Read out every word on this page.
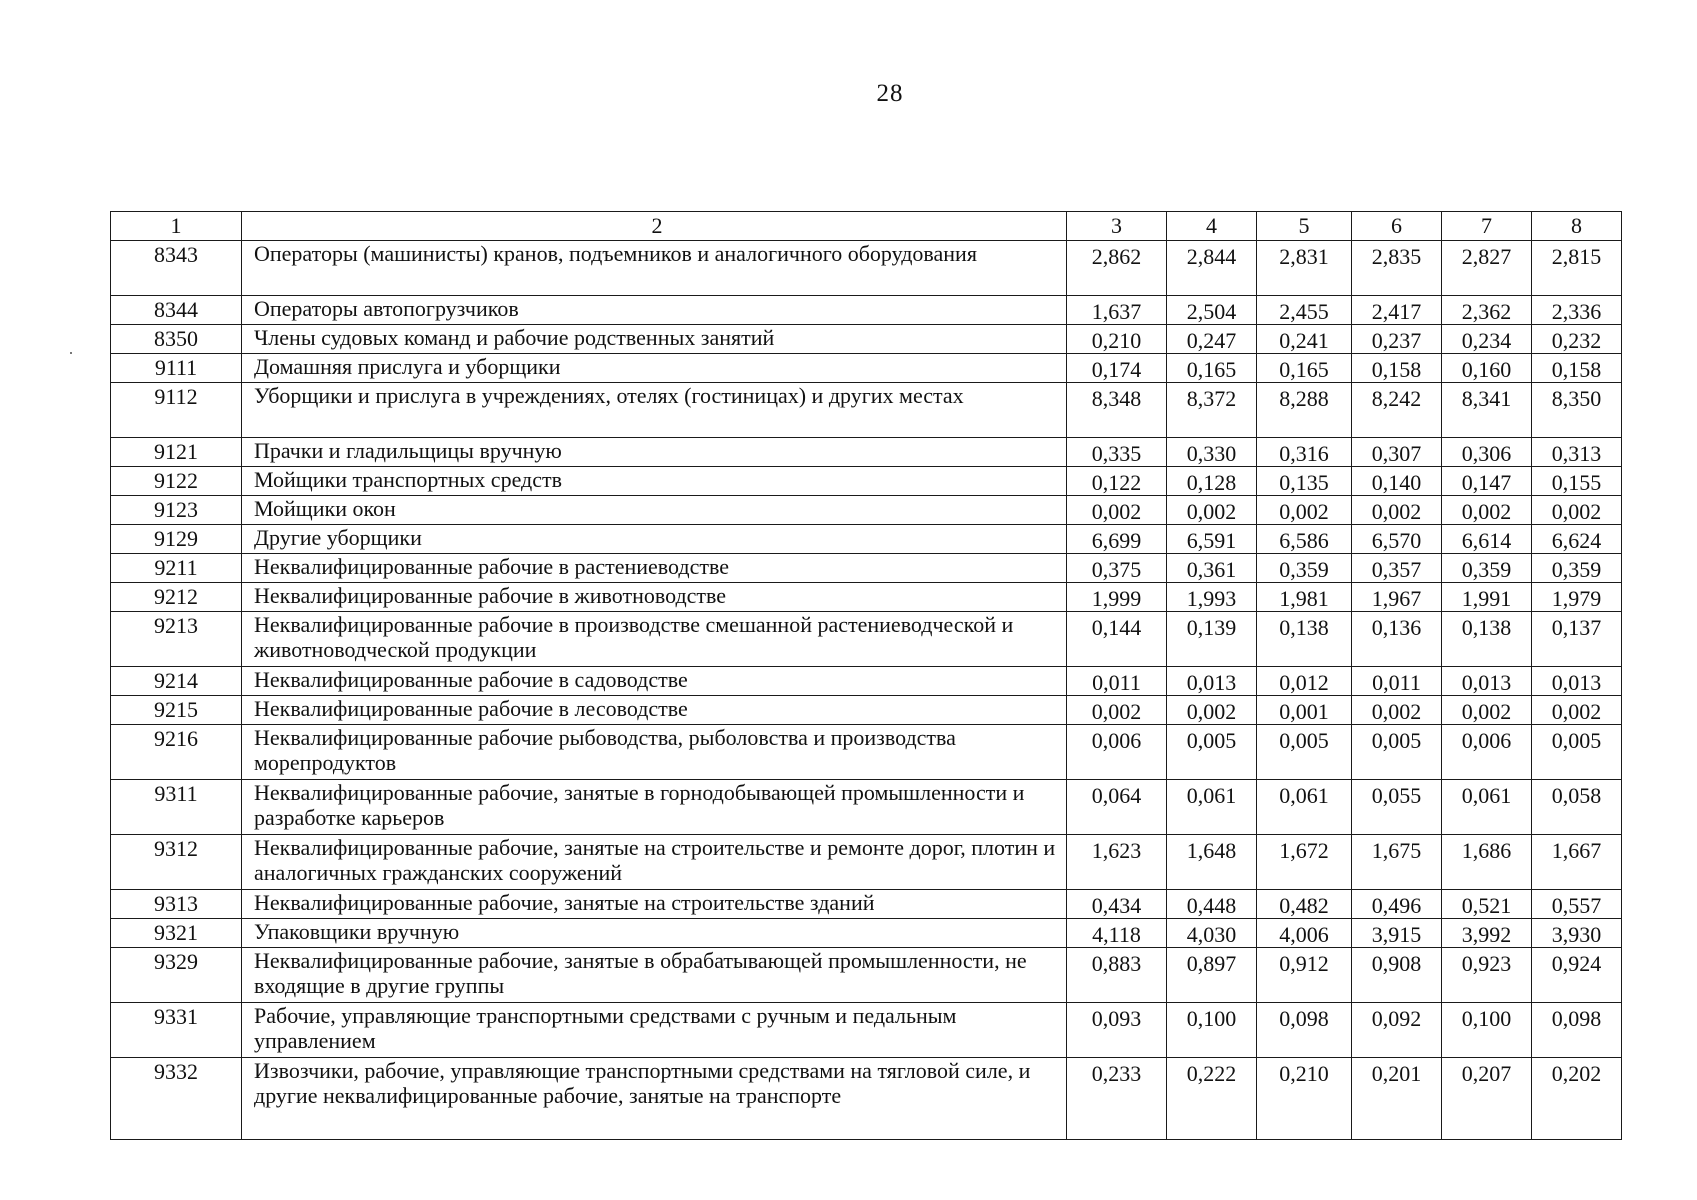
28
1	2	3	4	5	6	7	8
8343	Операторы (машинисты) кранов, подъемников и аналогичного оборудования	2,862	2,844	2,831	2,835	2,827	2,815
8344	Операторы автопогрузчиков	1,637	2,504	2,455	2,417	2,362	2,336
8350	Члены судовых команд и рабочие родственных занятий	0,210	0,247	0,241	0,237	0,234	0,232
9111	Домашняя прислуга и уборщики	0,174	0,165	0,165	0,158	0,160	0,158
9112	Уборщики и прислуга в учреждениях, отелях (гостиницах) и других местах	8,348	8,372	8,288	8,242	8,341	8,350
9121	Прачки и гладильщицы вручную	0,335	0,330	0,316	0,307	0,306	0,313
9122	Мойщики транспортных средств	0,122	0,128	0,135	0,140	0,147	0,155
9123	Мойщики окон	0,002	0,002	0,002	0,002	0,002	0,002
9129	Другие уборщики	6,699	6,591	6,586	6,570	6,614	6,624
9211	Неквалифицированные рабочие в растениеводстве	0,375	0,361	0,359	0,357	0,359	0,359
9212	Неквалифицированные рабочие в животноводстве	1,999	1,993	1,981	1,967	1,991	1,979
9213	Неквалифицированные рабочие в производстве смешанной растениеводческой и животноводческой продукции	0,144	0,139	0,138	0,136	0,138	0,137
9214	Неквалифицированные рабочие в садоводстве	0,011	0,013	0,012	0,011	0,013	0,013
9215	Неквалифицированные рабочие в лесоводстве	0,002	0,002	0,001	0,002	0,002	0,002
9216	Неквалифицированные рабочие рыбоводства, рыболовства и производства морепродуктов	0,006	0,005	0,005	0,005	0,006	0,005
9311	Неквалифицированные рабочие, занятые в горнодобывающей промышленности и разработке карьеров	0,064	0,061	0,061	0,055	0,061	0,058
9312	Неквалифицированные рабочие, занятые на строительстве и ремонте дорог, плотин и аналогичных гражданских сооружений	1,623	1,648	1,672	1,675	1,686	1,667
9313	Неквалифицированные рабочие, занятые на строительстве зданий	0,434	0,448	0,482	0,496	0,521	0,557
9321	Упаковщики вручную	4,118	4,030	4,006	3,915	3,992	3,930
9329	Неквалифицированные рабочие, занятые в обрабатывающей промышленности, не входящие в другие группы	0,883	0,897	0,912	0,908	0,923	0,924
9331	Рабочие, управляющие транспортными средствами с ручным и педальным управлением	0,093	0,100	0,098	0,092	0,100	0,098
9332	Извозчики, рабочие, управляющие транспортными средствами на тягловой силе, и другие неквалифицированные рабочие, занятые на транспорте	0,233	0,222	0,210	0,201	0,207	0,202
